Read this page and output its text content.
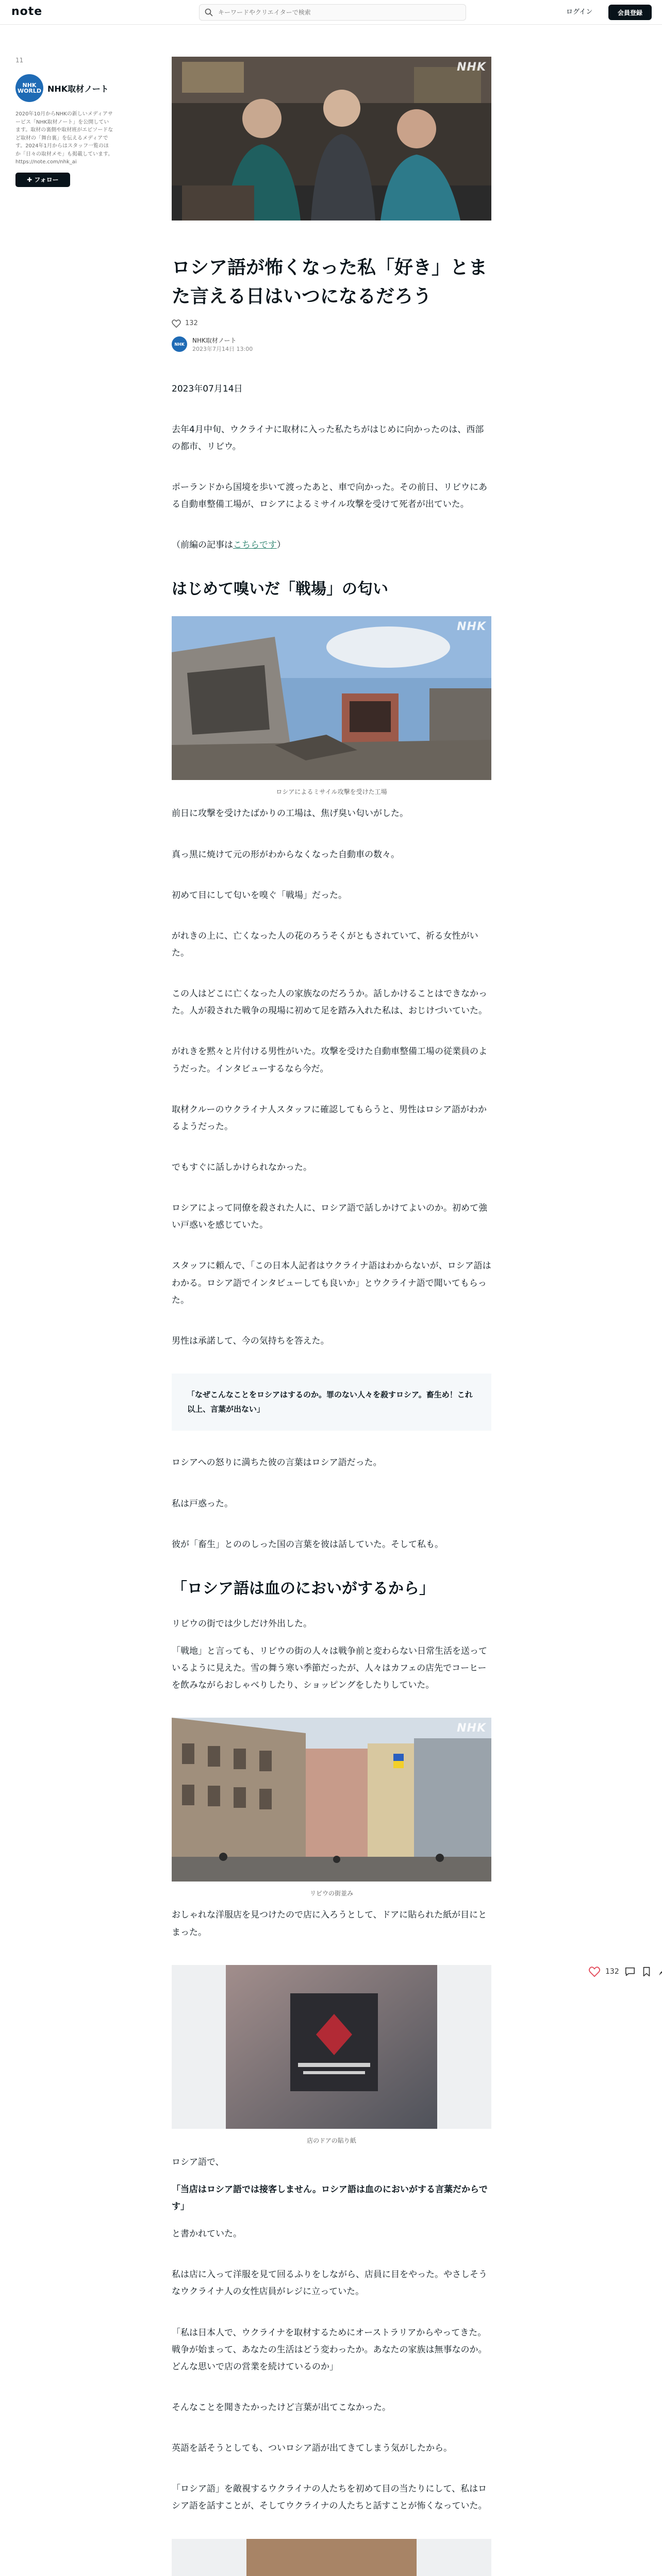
note
キーワードやクリエイターで検索	ログイン	会員登録
11
NHK
WORLD NHK取材ノート
2020年10月からNHKの新しいメディアサービス「NHK取材ノート」を公開しています。取材の裏側や取材班がエピソードなど取材の「舞台裏」を伝えるメディアです。2024年1月からはスタッフ一覧のほか「日々の取材メモ」も掲載しています。 https://note.com/nhk_ai
✚ フォロー
NHK
ロシア語が怖くなった私「好き」とまた言える日はいつになるだろう
132
NHK
NHK取材ノート
2023年7月14日 13:00

2023年07月14日

去年4月中旬、ウクライナに取材に入った私たちがはじめに向かったのは、西部の都市、リビウ。

ポーランドから国境を歩いて渡ったあと、車で向かった。その前日、リビウにある自動車整備工場が、ロシアによるミサイル攻撃を受けて死者が出ていた。

（前編の記事はこちらです）

はじめて嗅いだ「戦場」の匂い
NHK
ロシアによるミサイル攻撃を受けた工場

前日に攻撃を受けたばかりの工場は、焦げ臭い匂いがした。

真っ黒に焼けて元の形がわからなくなった自動車の数々。

初めて目にして匂いを嗅ぐ「戦場」だった。

がれきの上に、亡くなった人の花のろうそくがともされていて、祈る女性がいた。

この人はどこに亡くなった人の家族なのだろうか。話しかけることはできなかった。人が殺された戦争の現場に初めて足を踏み入れた私は、おじけづいていた。

がれきを黙々と片付ける男性がいた。攻撃を受けた自動車整備工場の従業員のようだった。インタビューするなら今だ。

取材クルーのウクライナ人スタッフに確認してもらうと、男性はロシア語がわかるようだった。

でもすぐに話しかけられなかった。

ロシアによって同僚を殺された人に、ロシア語で話しかけてよいのか。初めて強い戸惑いを感じていた。

スタッフに頼んで、「この日本人記者はウクライナ語はわからないが、ロシア語はわかる。ロシア語でインタビューしても良いか」とウクライナ語で聞いてもらった。

男性は承諾して、今の気持ちを答えた。

「なぜこんなことをロシアはするのか。罪のない人々を殺すロシア。畜生め！これ以上、言葉が出ない」

ロシアへの怒りに満ちた彼の言葉はロシア語だった。

私は戸惑った。

彼が「畜生」とののしった国の言葉を彼は話していた。そして私も。

「ロシア語は血のにおいがするから」

リビウの街では少しだけ外出した。

「戦地」と言っても、リビウの街の人々は戦争前と変わらない日常生活を送っているように見えた。雪の舞う寒い季節だったが、人々はカフェの店先でコーヒーを飲みながらおしゃべりしたり、ショッピングをしたりしていた。

NHK
リビウの街並み

おしゃれな洋服店を見つけたので店に入ろうとして、ドアに貼られた紙が目にとまった。

店のドアの貼り紙

ロシア語で、

「当店はロシア語では接客しません。ロシア語は血のにおいがする言葉だからです」

と書かれていた。

私は店に入って洋服を見て回るふりをしながら、店員に目をやった。やさしそうなウクライナ人の女性店員がレジに立っていた。

「私は日本人で、ウクライナを取材するためにオーストラリアからやってきた。戦争が始まって、あなたの生活はどう変わったか。あなたの家族は無事なのか。どんな思いで店の営業を続けているのか」

そんなことを聞きたかったけど言葉が出てこなかった。

英語を話そうとしても、ついロシア語が出てきてしまう気がしたから。

「ロシア語」を敵視するウクライナの人たちを初めて目の当たりにして、私はロシア語を話すことが、そしてウクライナの人たちと話すことが怖くなっていた。

132
